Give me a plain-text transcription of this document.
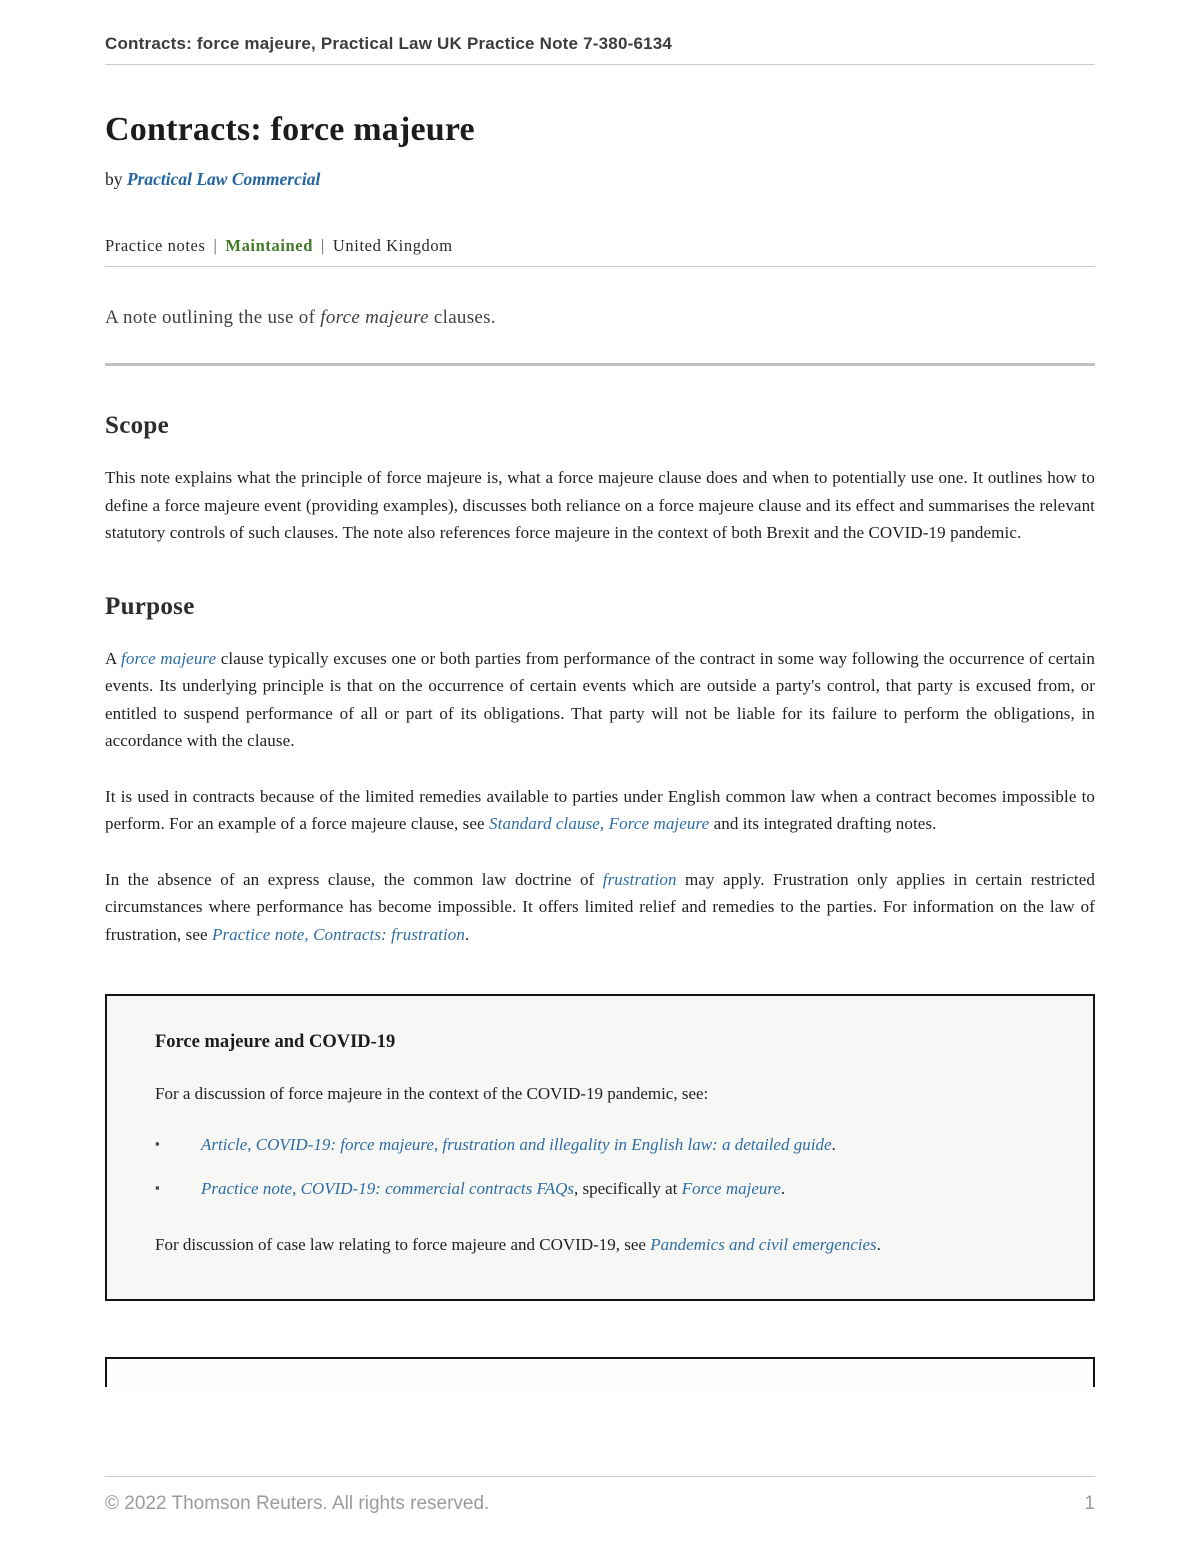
Contracts: force majeure, Practical Law UK Practice Note 7-380-6134
Contracts: force majeure
by Practical Law Commercial
Practice notes | Maintained | United Kingdom
A note outlining the use of force majeure clauses.
Scope

This note explains what the principle of force majeure is, what a force majeure clause does and when to potentially use one. It outlines how to define a force majeure event (providing examples), discusses both reliance on a force majeure clause and its effect and summarises the relevant statutory controls of such clauses. The note also references force majeure in the context of both Brexit and the COVID-19 pandemic.

Purpose

A force majeure clause typically excuses one or both parties from performance of the contract in some way following the occurrence of certain events. Its underlying principle is that on the occurrence of certain events which are outside a party's control, that party is excused from, or entitled to suspend performance of all or part of its obligations. That party will not be liable for its failure to perform the obligations, in accordance with the clause.

It is used in contracts because of the limited remedies available to parties under English common law when a contract becomes impossible to perform. For an example of a force majeure clause, see Standard clause, Force majeure and its integrated drafting notes.

In the absence of an express clause, the common law doctrine of frustration may apply. Frustration only applies in certain restricted circumstances where performance has become impossible. It offers limited relief and remedies to the parties. For information on the law of frustration, see Practice note, Contracts: frustration.

Force majeure and COVID-19
For a discussion of force majeure in the context of the COVID-19 pandemic, see:
▪	Article, COVID-19: force majeure, frustration and illegality in English law: a detailed guide.
▪	Practice note, COVID-19: commercial contracts FAQs, specifically at Force majeure.
For discussion of case law relating to force majeure and COVID-19, see Pandemics and civil emergencies.
© 2022 Thomson Reuters. All rights reserved.	1
